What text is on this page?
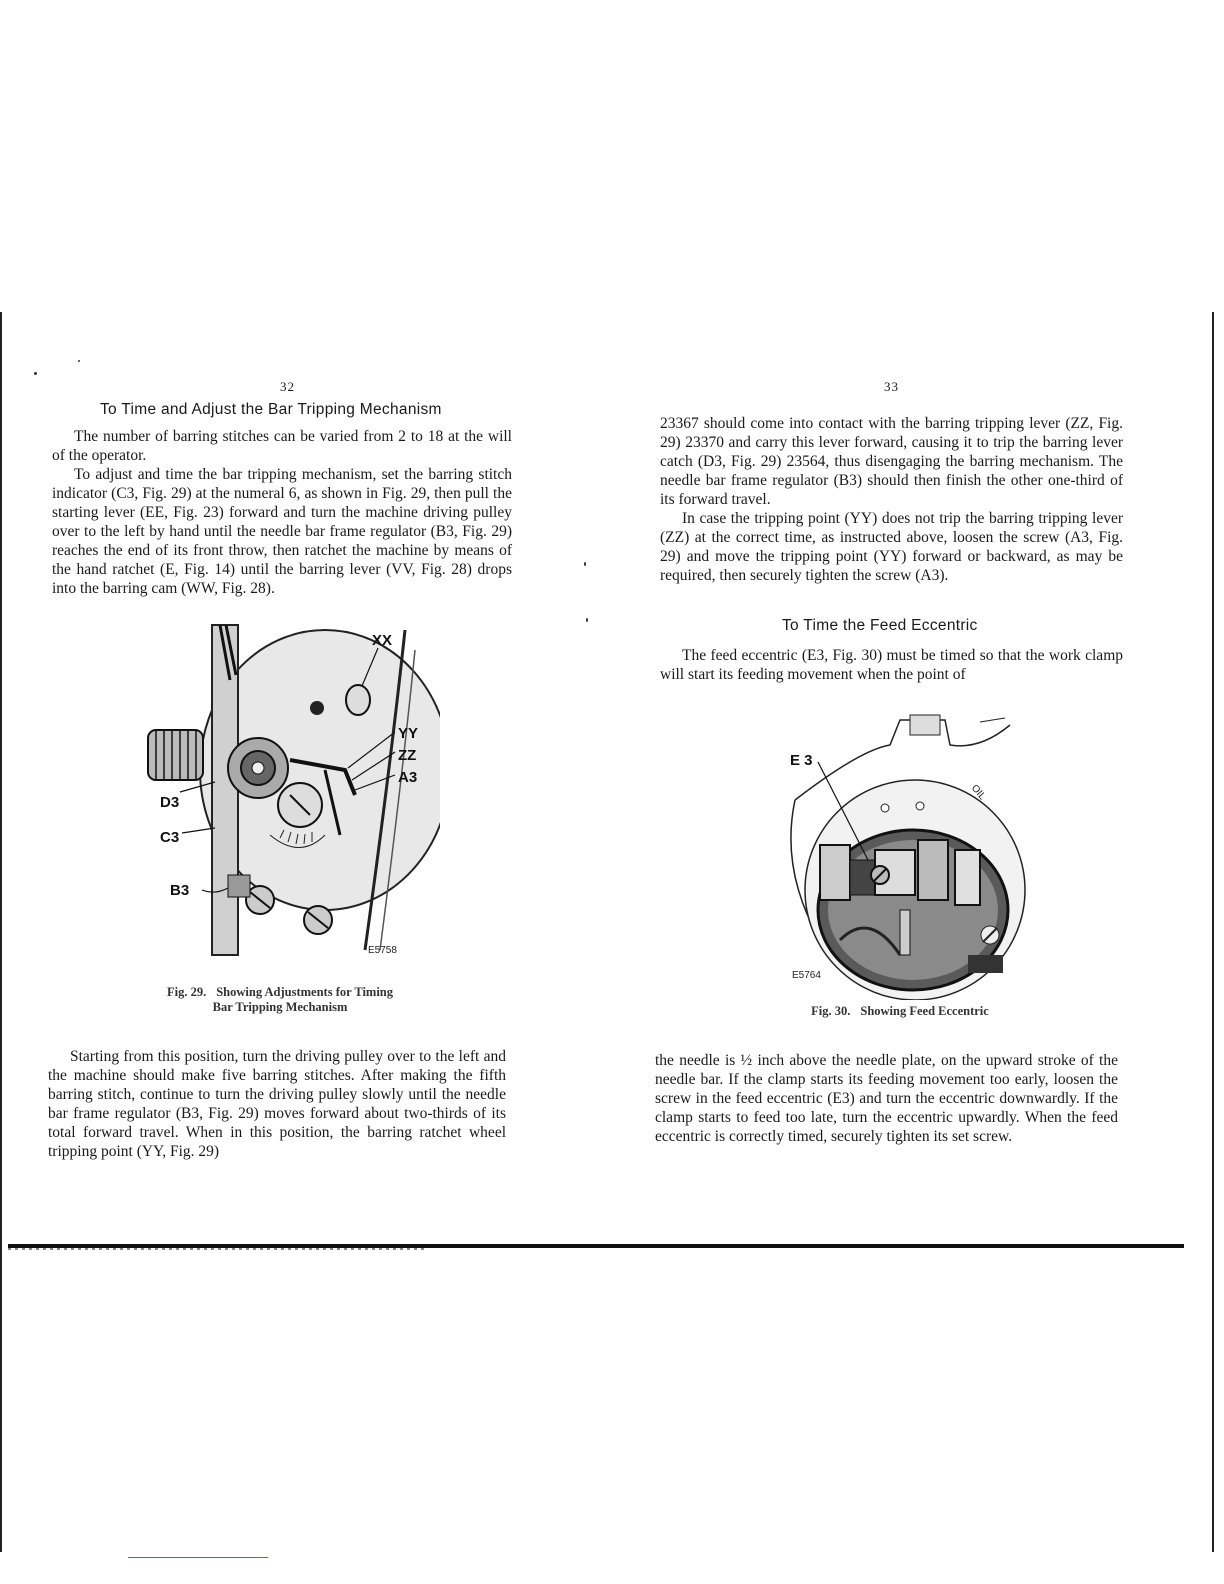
32
To Time and Adjust the Bar Tripping Mechanism

The number of barring stitches can be varied from 2 to 18 at the will of the operator.

To adjust and time the bar tripping mechanism, set the barring stitch indicator (C3, Fig. 29) at the numeral 6, as shown in Fig. 29, then pull the starting lever (EE, Fig. 23) forward and turn the machine driving pulley over to the left by hand until the needle bar frame regulator (B3, Fig. 29) reaches the end of its front throw, then ratchet the machine by means of the hand ratchet (E, Fig. 14) until the barring lever (VV, Fig. 28) drops into the barring cam (WW, Fig. 28).

XX
YY
ZZ
A3
D3
C3
B3
E5758
Fig. 29. Showing Adjustments for Timing
Bar Tripping Mechanism

Starting from this position, turn the driving pulley over to the left and the machine should make five barring stitches. After making the fifth barring stitch, continue to turn the driving pulley slowly until the needle bar frame regulator (B3, Fig. 29) moves forward about two-thirds of its total forward travel. When in this position, the barring ratchet wheel tripping point (YY, Fig. 29)

33

23367 should come into contact with the barring tripping lever (ZZ, Fig. 29) 23370 and carry this lever forward, causing it to trip the barring lever catch (D3, Fig. 29) 23564, thus disengaging the barring mechanism. The needle bar frame regulator (B3) should then finish the other one-third of its forward travel.

In case the tripping point (YY) does not trip the barring tripping lever (ZZ) at the correct time, as instructed above, loosen the screw (A3, Fig. 29) and move the tripping point (YY) forward or backward, as may be required, then securely tighten the screw (A3).

To Time the Feed Eccentric

The feed eccentric (E3, Fig. 30) must be timed so that the work clamp will start its feeding movement when the point of

E 3
OIL
E5764
Fig. 30. Showing Feed Eccentric

the needle is ½ inch above the needle plate, on the upward stroke of the needle bar. If the clamp starts its feeding movement too early, loosen the screw in the feed eccentric (E3) and turn the eccentric downwardly. If the clamp starts to feed too late, turn the eccentric upwardly. When the feed eccentric is correctly timed, securely tighten its set screw.
